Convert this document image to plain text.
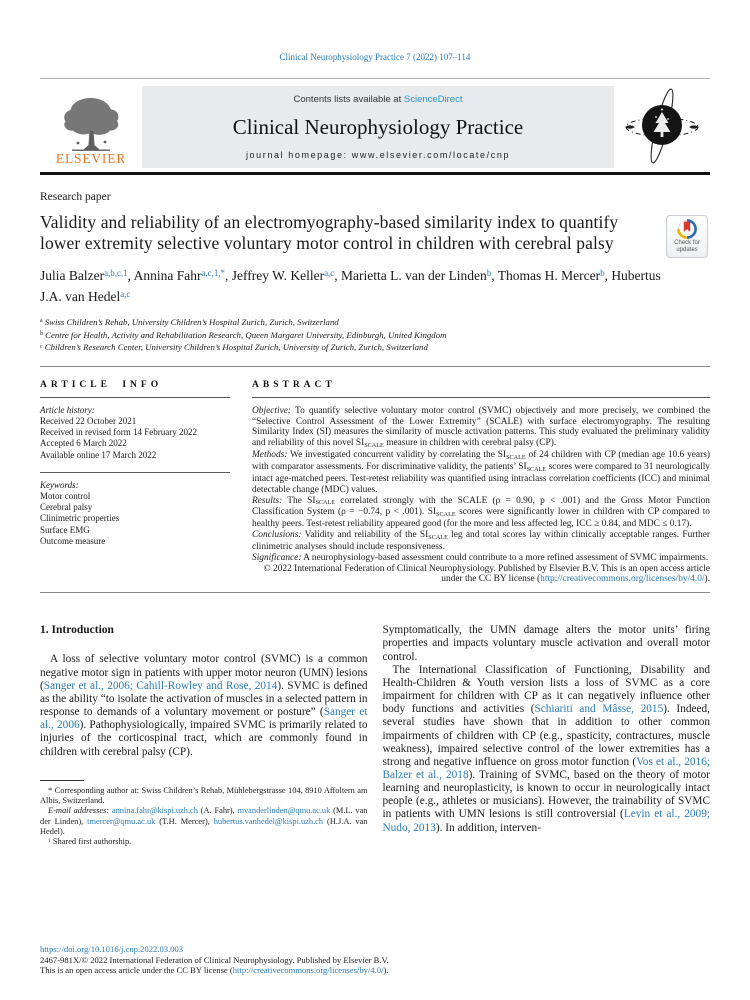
Clinical Neurophysiology Practice 7 (2022) 107–114
ELSEVIER
Contents lists available at ScienceDirect
Clinical Neurophysiology Practice
journal homepage: www.elsevier.com/locate/cnp
Research paper
Validity and reliability of an electromyography-based similarity index to quantify lower extremity selective voluntary motor control in children with cerebral palsy	Check for updates
Julia Balzer$^{a,b,c,1}$, Annina Fahr$^{a,c,1,*}$, Jeffrey W. Keller$^{a,c}$, Marietta L. van der Linden$^b$, Thomas H. Mercer$^b$, Hubertus J.A. van Hedel$^{a,c}$
$^a$ Swiss Children’s Rehab, University Children’s Hospital Zurich, Zurich, Switzerland
$^b$ Centre for Health, Activity and Rehabilitation Research, Queen Margaret University, Edinburgh, United Kingdom
$^c$ Children’s Research Center, University Children’s Hospital Zurich, University of Zurich, Zurich, Switzerland
ARTICLE INFO
Article history:
Received 22 October 2021
Received in revised form 14 February 2022
Accepted 6 March 2022
Available online 17 March 2022
Keywords:
Motor control
Cerebral palsy
Clinimetric properties
Surface EMG
Outcome measure
ABSTRACT

Objective: To quantify selective voluntary motor control (SVMC) objectively and more precisely, we combined the “Selective Control Assessment of the Lower Extremity” (SCALE) with surface electromyography. The resulting Similarity Index (SI) measures the similarity of muscle activation patterns. This study evaluated the preliminary validity and reliability of this novel $SI_{SCALE}$ measure in children with cerebral palsy (CP).

Methods: We investigated concurrent validity by correlating the $SI_{SCALE}$ of 24 children with CP (median age 10.6 years) with comparator assessments. For discriminative validity, the patients’ $SI_{SCALE}$ scores were compared to 31 neurologically intact age-matched peers. Test-retest reliability was quantified using intraclass correlation coefficients (ICC) and minimal detectable change (MDC) values.

Results: The $SI_{SCALE}$ correlated strongly with the SCALE (ρ = 0.90, p < .001) and the Gross Motor Function Classification System (ρ = −0.74, p < .001). $SI_{SCALE}$ scores were significantly lower in children with CP compared to healthy peers. Test-retest reliability appeared good (for the more and less affected leg, ICC ≥ 0.84, and MDC ≤ 0.17).

Conclusions: Validity and reliability of the $SI_{SCALE}$ leg and total scores lay within clinically acceptable ranges. Further clinimetric analyses should include responsiveness.

Significance: A neurophysiology-based assessment could contribute to a more refined assessment of SVMC impairments.

© 2022 International Federation of Clinical Neurophysiology. Published by Elsevier B.V. This is an open access article under the CC BY license (http://creativecommons.org/licenses/by/4.0/).

1. Introduction

A loss of selective voluntary motor control (SVMC) is a common negative motor sign in patients with upper motor neuron (UMN) lesions (Sanger et al., 2006; Cahill-Rowley and Rose, 2014). SVMC is defined as the ability “to isolate the activation of muscles in a selected pattern in response to demands of a voluntary movement or posture” (Sanger et al., 2006). Pathophysiologically, impaired SVMC is primarily related to injuries of the corticospinal tract, which are commonly found in children with cerebral palsy (CP).

* Corresponding author at: Swiss Children’s Rehab, Mühlebergstrasse 104, 8910 Affoltern am Albis, Switzerland.
E-mail addresses: annina.fahr@kispi.uzh.ch (A. Fahr), mvanderlinden@qmu.ac.uk (M.L. van der Linden), tmercer@qmu.ac.uk (T.H. Mercer), hubertus.vanhedel@kispi.uzh.ch (H.J.A. van Hedel).
$^1$ Shared first authorship.

Symptomatically, the UMN damage alters the motor units’ firing properties and impacts voluntary muscle activation and overall motor control.

The International Classification of Functioning, Disability and Health-Children & Youth version lists a loss of SVMC as a core impairment for children with CP as it can negatively influence other body functions and activities (Schiariti and Mâsse, 2015). Indeed, several studies have shown that in addition to other common impairments of children with CP (e.g., spasticity, contractures, muscle weakness), impaired selective control of the lower extremities has a strong and negative influence on gross motor function (Vos et al., 2016; Balzer et al., 2018). Training of SVMC, based on the theory of motor learning and neuroplasticity, is known to occur in neurologically intact people (e.g., athletes or musicians). However, the trainability of SVMC in patients with UMN lesions is still controversial (Levin et al., 2009; Nudo, 2013). In addition, interven-

https://doi.org/10.1016/j.cnp.2022.03.003
2467-981X/© 2022 International Federation of Clinical Neurophysiology. Published by Elsevier B.V.
This is an open access article under the CC BY license (http://creativecommons.org/licenses/by/4.0/).
